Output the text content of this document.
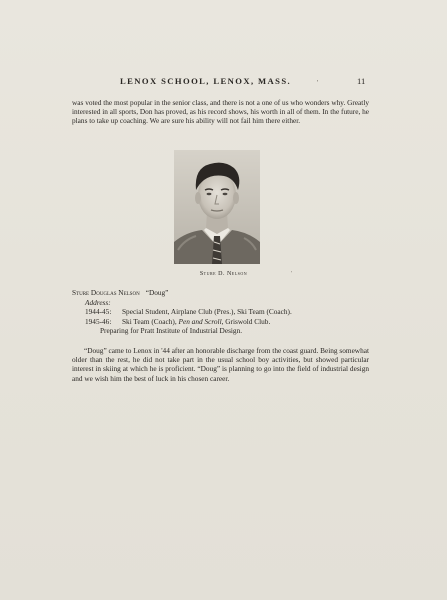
LENOX SCHOOL, LENOX, MASS.	11
'

was voted the most popular in the senior class, and there is not a one of us who wonders why. Greatly interested in all sports, Don has proved, as his record shows, his worth in all of them. In the future, he plans to take up coaching. We are sure his ability will not fail him there either.

Sture D. Nelson	'
Sture Douglas Nelson “Doug”
Address:
1944-45: Special Student, Airplane Club (Pres.), Ski Team (Coach).
1945-46: Ski Team (Coach), Pen and Scroll, Griswold Club.
Preparing for Pratt Institute of Industrial Design.

“Doug” came to Lenox in '44 after an honorable discharge from the coast guard. Being somewhat older than the rest, he did not take part in the usual school boy activities, but showed particular interest in skiing at which he is proficient. “Doug” is planning to go into the field of industrial design and we wish him the best of luck in his chosen career.
